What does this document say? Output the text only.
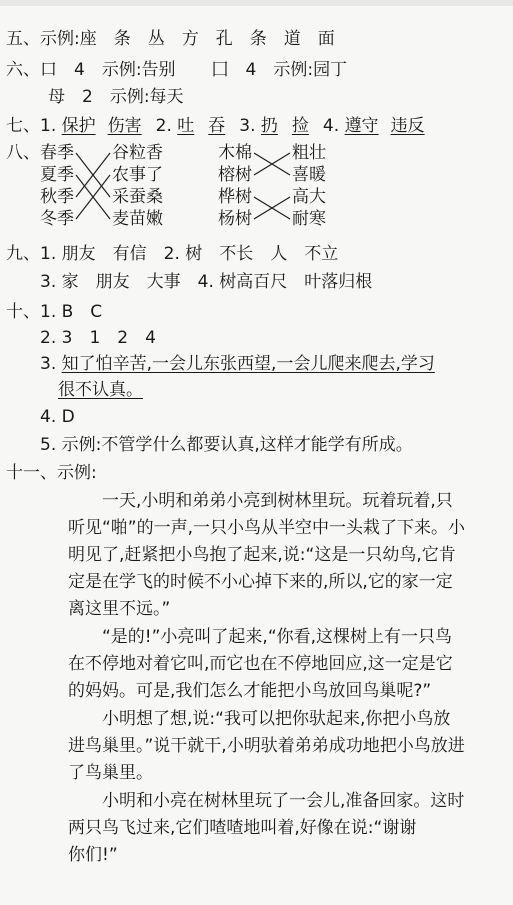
五、示例:座　条　丛　方　孔　条　道　面
六、口　4　示例:告别 囗　4　示例:园丁
母　2　示例:每天
七、1. 保护 伤害 2. 吐 吞 3. 扔 捡 4. 遵守 违反
八、 春季
夏季
秋季
冬季
谷粒香
农事了
采蚕桑
麦苗嫩
木棉
榕树
桦树
杨树
粗壮
喜暖
高大
耐寒
九、1. 朋友　有信　2. 树　不长　人　不立
3. 家　朋友　大事　4. 树高百尺　叶落归根
十、1. B　C
2. 3　1　2　4
3. 知了怕辛苦,一会儿东张西望,一会儿爬来爬去,学习
很不认真。
4. D
5. 示例:不管学什么都要认真,这样才能学有所成。
十一、示例:
一天,小明和弟弟小亮到树林里玩。玩着玩着,只
听见“啪”的一声,一只小鸟从半空中一头栽了下来。小
明见了,赶紧把小鸟抱了起来,说:“这是一只幼鸟,它肯
定是在学飞的时候不小心掉下来的,所以,它的家一定
离这里不远。”
“是的!”小亮叫了起来,“你看,这棵树上有一只鸟
在不停地对着它叫,而它也在不停地回应,这一定是它
的妈妈。可是,我们怎么才能把小鸟放回鸟巢呢?”
小明想了想,说:“我可以把你驮起来,你把小鸟放
进鸟巢里。”说干就干,小明驮着弟弟成功地把小鸟放进
了鸟巢里。
小明和小亮在树林里玩了一会儿,准备回家。这时
两只鸟飞过来,它们喳喳地叫着,好像在说:“谢谢
你们!”
